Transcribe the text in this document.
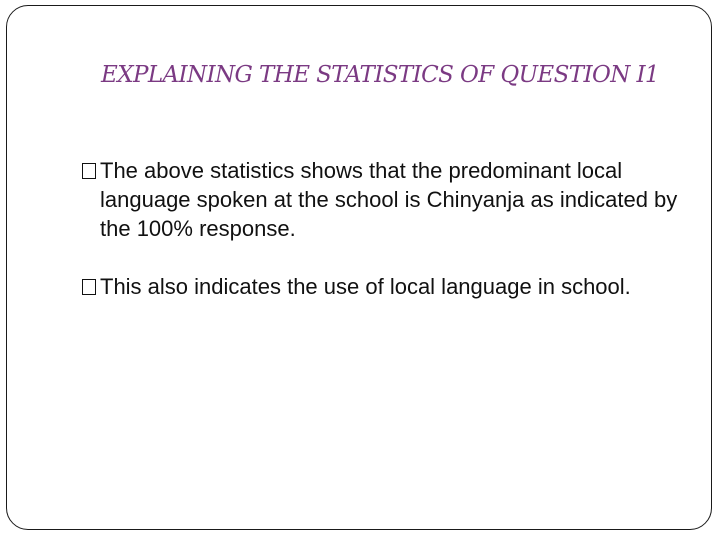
EXPLAINING THE STATISTICS OF QUESTION I1
The above statistics shows that the predominant local language spoken at the school is Chinyanja as indicated by the 100% response.
This also indicates the use of local language in school.
